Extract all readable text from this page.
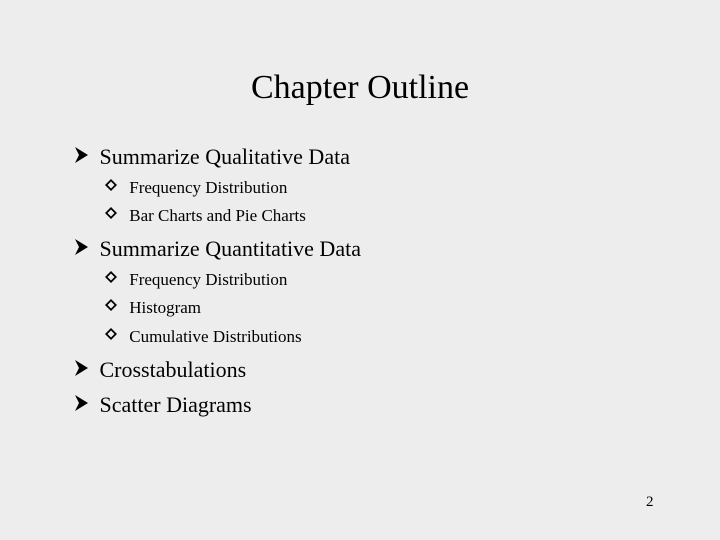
Chapter Outline
Summarize Qualitative Data
Frequency Distribution
Bar Charts and Pie Charts
Summarize Quantitative Data
Frequency Distribution
Histogram
Cumulative Distributions
Crosstabulations
Scatter Diagrams
2
